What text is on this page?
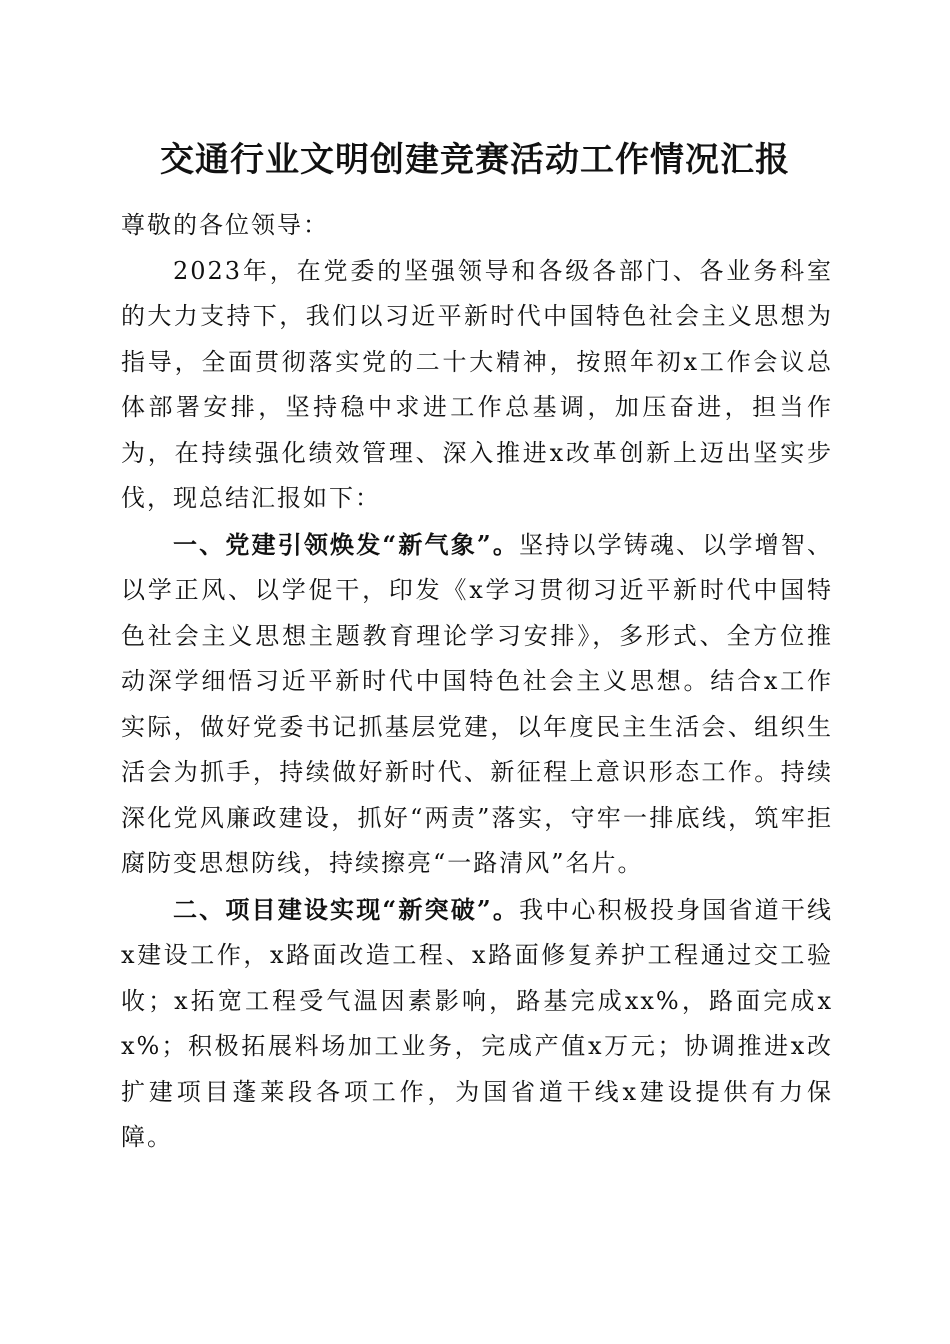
交通行业文明创建竞赛活动工作情况汇报

尊敬的各位领导：

2023年，在党委的坚强领导和各级各部门、各业务科室的大力支持下，我们以习近平新时代中国特色社会主义思想为指导，全面贯彻落实党的二十大精神，按照年初x工作会议总体部署安排，坚持稳中求进工作总基调，加压奋进，担当作为，在持续强化绩效管理、深入推进x改革创新上迈出坚实步伐，现总结汇报如下：

一、党建引领焕发“新气象”。坚持以学铸魂、以学增智、以学正风、以学促干，印发《x学习贯彻习近平新时代中国特色社会主义思想主题教育理论学习安排》，多形式、全方位推动深学细悟习近平新时代中国特色社会主义思想。结合x工作实际，做好党委书记抓基层党建，以年度民主生活会、组织生活会为抓手，持续做好新时代、新征程上意识形态工作。持续深化党风廉政建设，抓好“两责”落实，守牢一排底线，筑牢拒腐防变思想防线，持续擦亮“一路清风”名片。

二、项目建设实现“新突破”。我中心积极投身国省道干线x建设工作，x路面改造工程、x路面修复养护工程通过交工验收；x拓宽工程受气温因素影响，路基完成xx%，路面完成xx%；积极拓展料场加工业务，完成产值x万元；协调推进x改扩建项目蓬莱段各项工作，为国省道干线x建设提供有力保障。
